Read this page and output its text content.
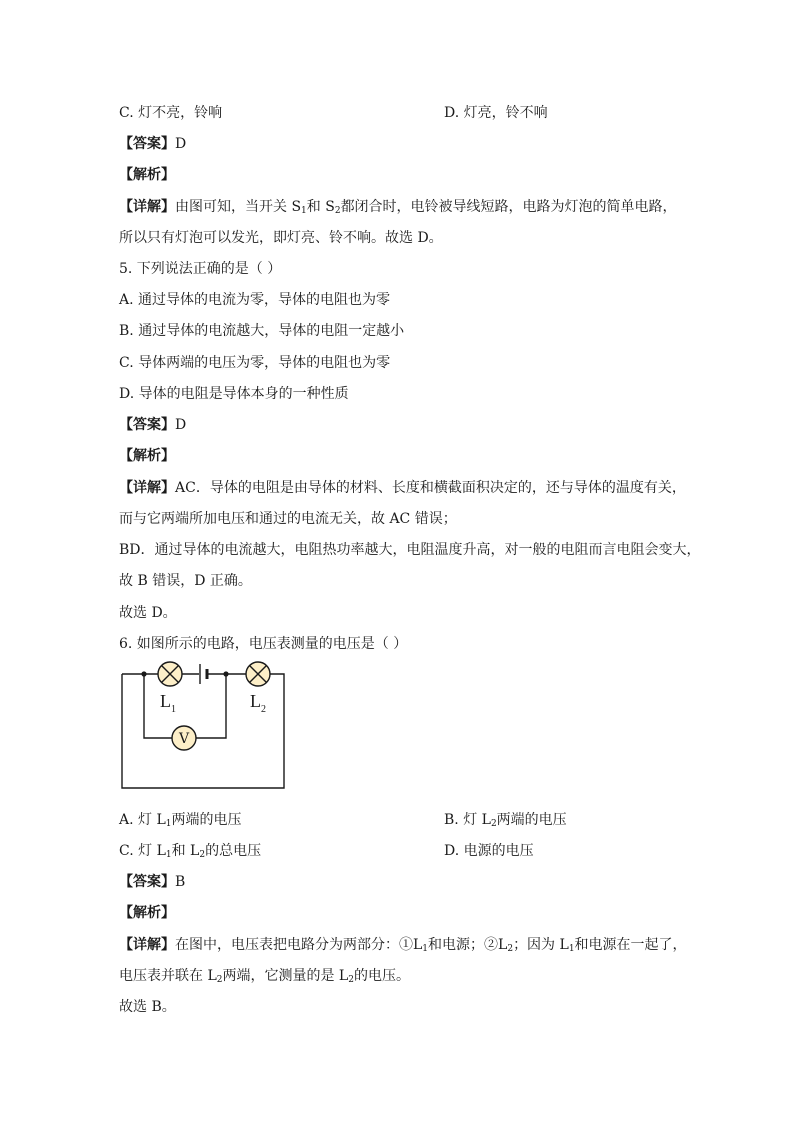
C. 灯不亮，铃响	D. 灯亮，铃不响
【答案】D
【解析】
【详解】由图可知，当开关 $S_1$和 $S_2$都闭合时，电铃被导线短路，电路为灯泡的简单电路，
所以只有灯泡可以发光，即灯亮、铃不响。故选 D。
5. 下列说法正确的是（ ）
A. 通过导体的电流为零，导体的电阻也为零
B. 通过导体的电流越大，导体的电阻一定越小
C. 导体两端的电压为零，导体的电阻也为零
D. 导体的电阻是导体本身的一种性质
【答案】D
【解析】
【详解】AC．导体的电阻是由导体的材料、长度和横截面积决定的，还与导体的温度有关，
而与它两端所加电压和通过的电流无关，故 AC 错误；
BD．通过导体的电流越大，电阻热功率越大，电阻温度升高，对一般的电阻而言电阻会变大，
故 B 错误，D 正确。
故选 D。
6. 如图所示的电路，电压表测量的电压是（ ）
V
L 1	L 2
A. 灯 $L_1$两端的电压	B. 灯 $L_2$两端的电压
C. 灯 $L_1$和 $L_2$的总电压	D. 电源的电压
【答案】B
【解析】
【详解】在图中，电压表把电路分为两部分：$①L_1$和电源；$②L_2$；因为 $L_1$和电源在一起了，
电压表并联在 $L_2$两端，它测量的是 $L_2$的电压。
故选 B。
